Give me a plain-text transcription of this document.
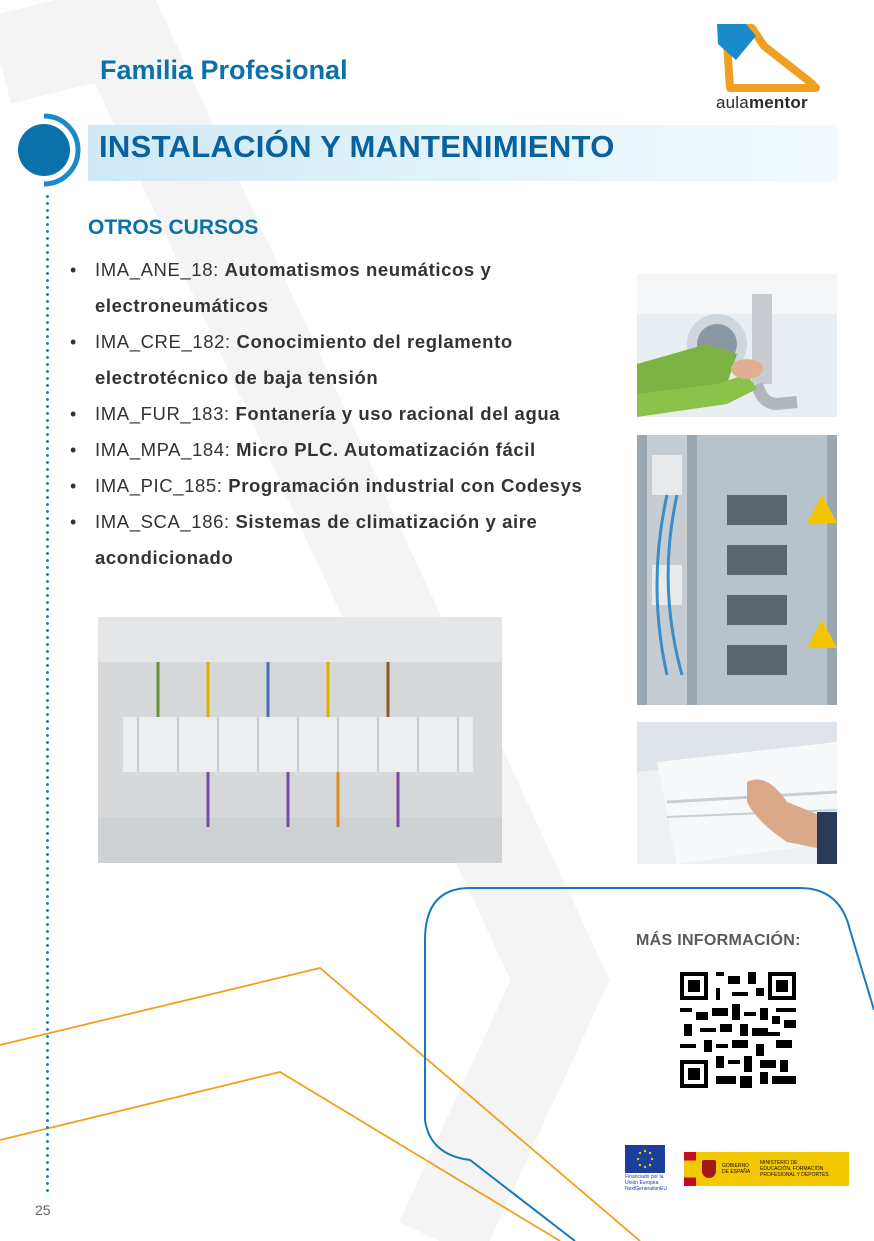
Familia Profesional
aulamentor
INSTALACIÓN Y MANTENIMIENTO
OTROS CURSOS
• IMA_ANE_18: Automatismos neumáticos y electroneumáticos
• IMA_CRE_182: Conocimiento del reglamento electrotécnico de baja tensión
• IMA_FUR_183: Fontanería y uso racional del agua
• IMA_MPA_184: Micro PLC. Automatización fácil
• IMA_PIC_185: Programación industrial con Codesys
• IMA_SCA_186: Sistemas de climatización y aire acondicionado
MÁS INFORMACIÓN:
Financiado por la Unión Europea NextGenerationEU
GOBIERNO DE ESPAÑA
MINISTERIO DE EDUCACIÓN, FORMACIÓN PROFESIONAL Y DEPORTES
25
